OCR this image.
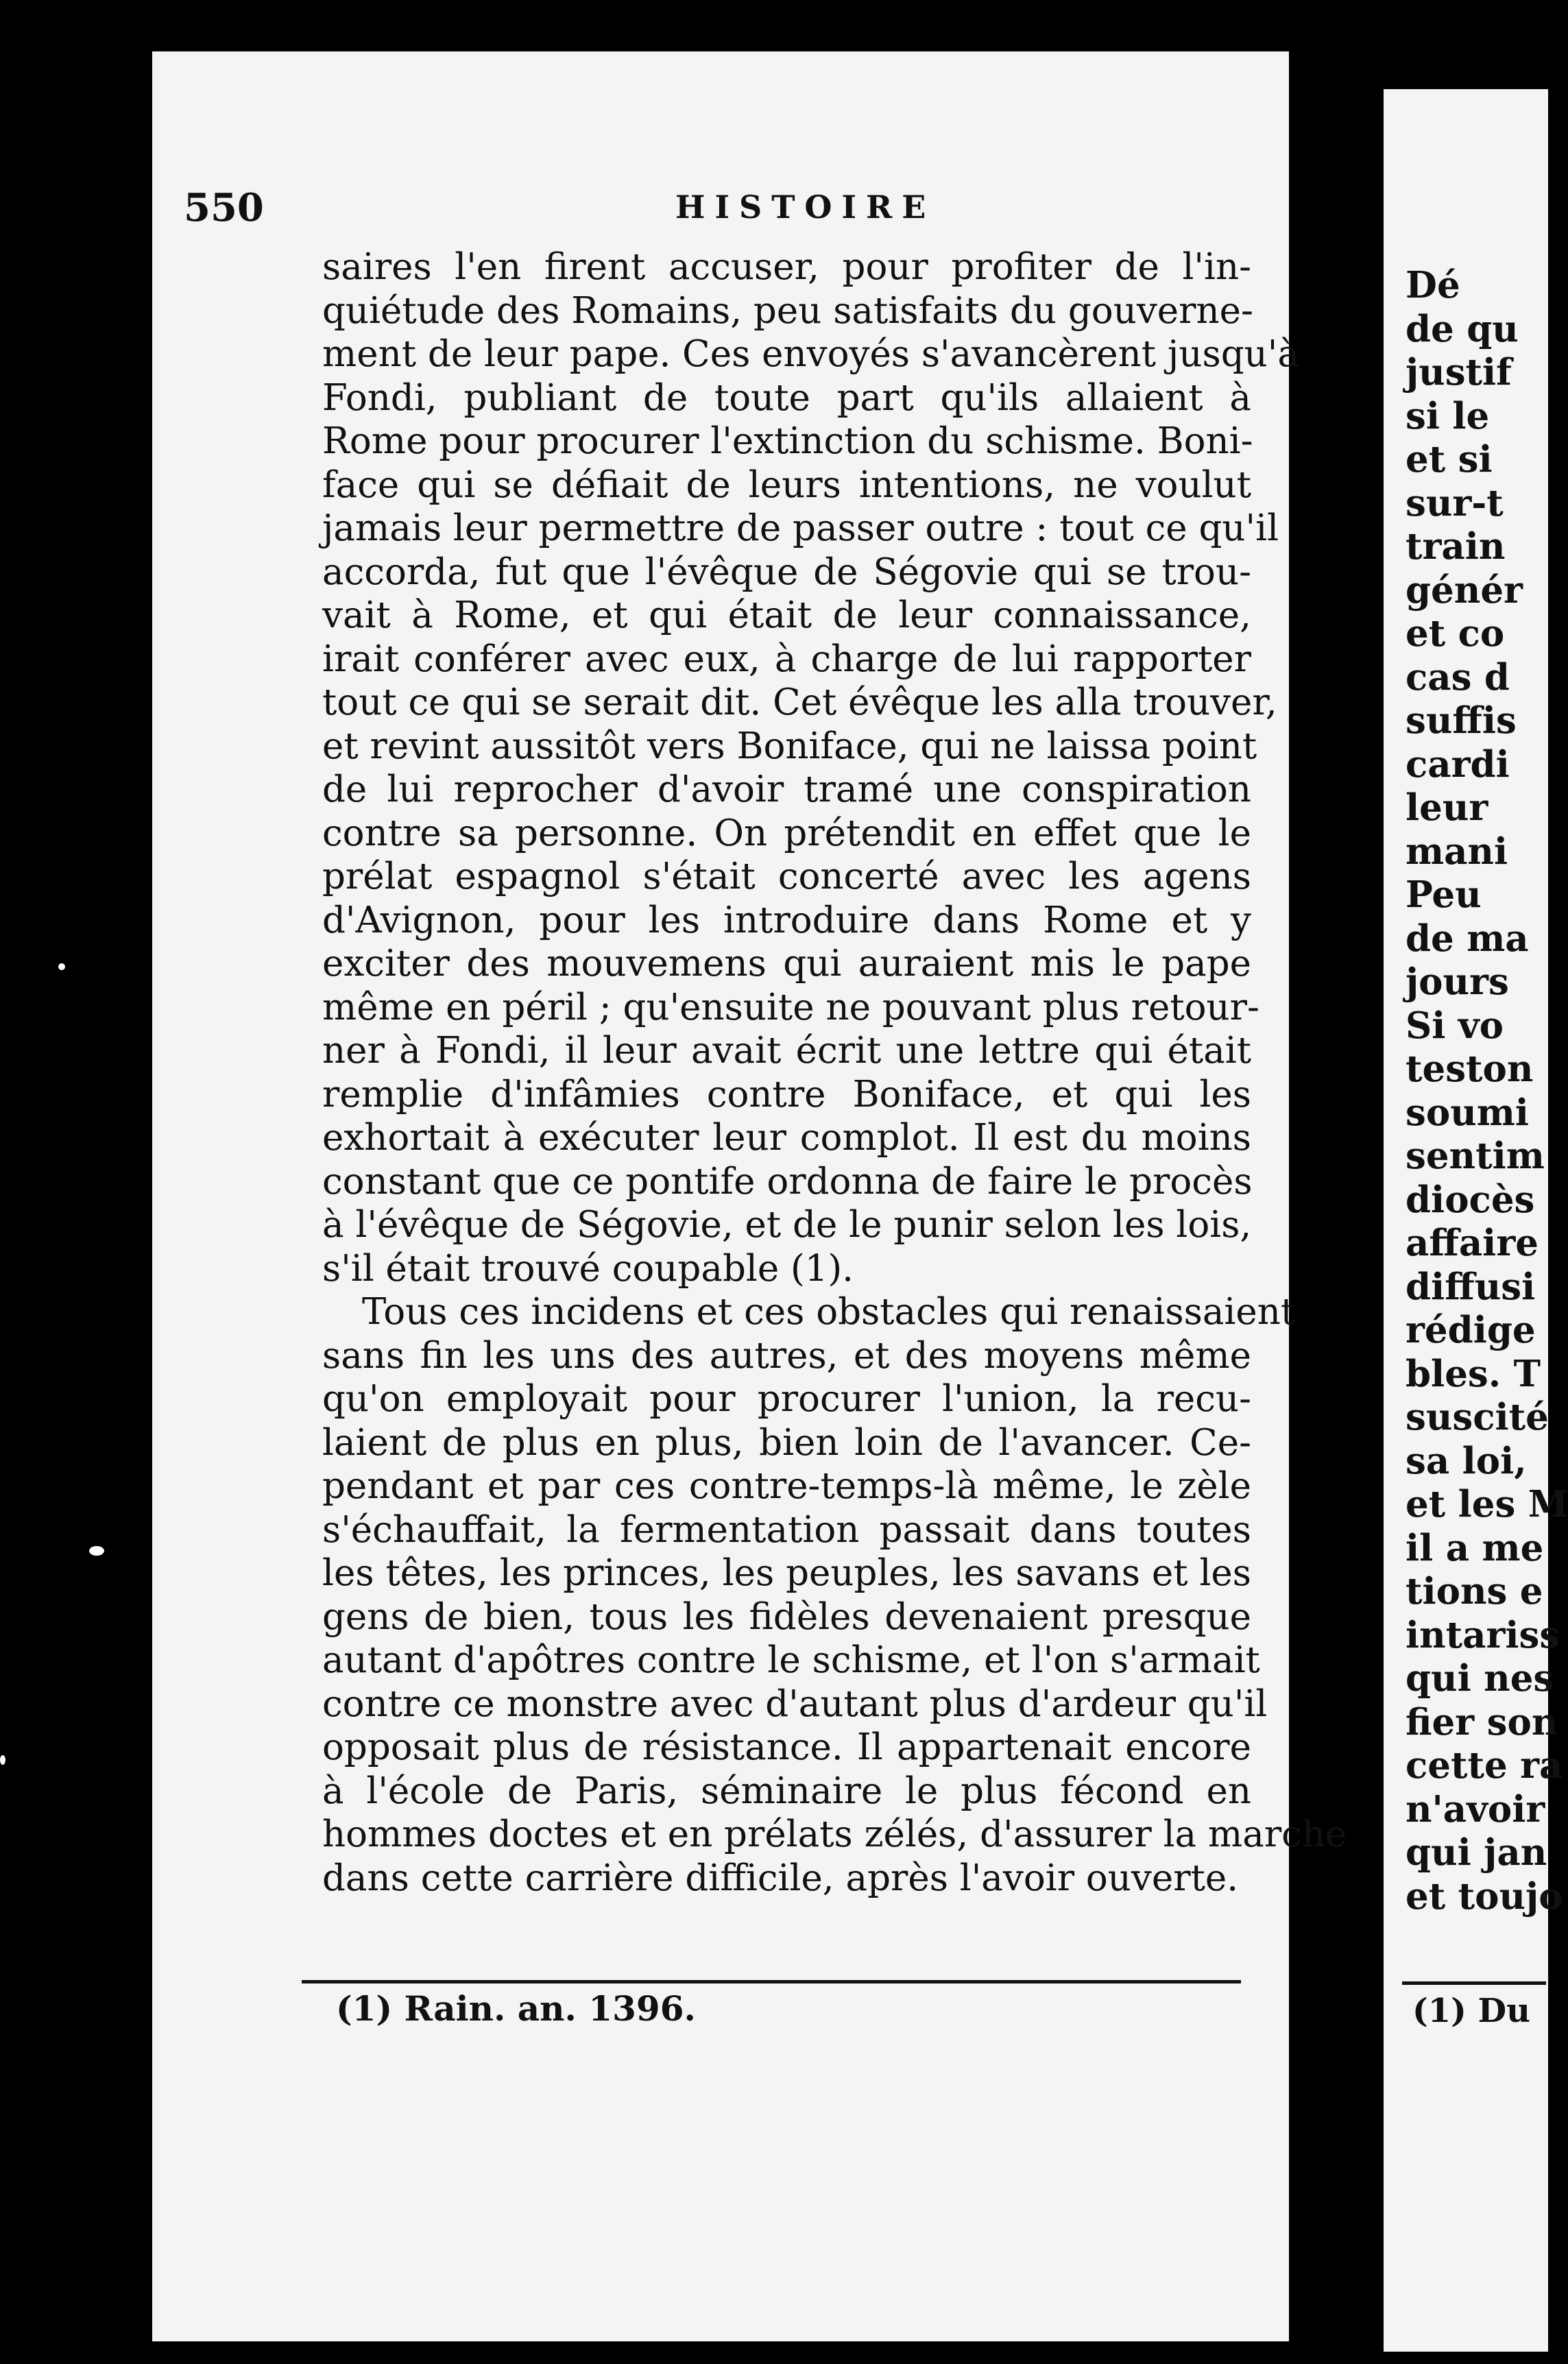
550	HISTOIRE
saires l'en firent accuser, pour profiter de l'in-
quiétude des Romains, peu satisfaits du gouverne-
ment de leur pape. Ces envoyés s'avancèrent jusqu'à
Fondi, publiant de toute part qu'ils allaient à
Rome pour procurer l'extinction du schisme. Boni-
face qui se défiait de leurs intentions, ne voulut
jamais leur permettre de passer outre : tout ce qu'il
accorda, fut que l'évêque de Ségovie qui se trou-
vait à Rome, et qui était de leur connaissance,
irait conférer avec eux, à charge de lui rapporter
tout ce qui se serait dit. Cet évêque les alla trouver,
et revint aussitôt vers Boniface, qui ne laissa point
de lui reprocher d'avoir tramé une conspiration
contre sa personne. On prétendit en effet que le
prélat espagnol s'était concerté avec les agens
d'Avignon, pour les introduire dans Rome et y
exciter des mouvemens qui auraient mis le pape
même en péril ; qu'ensuite ne pouvant plus retour-
ner à Fondi, il leur avait écrit une lettre qui était
remplie d'infâmies contre Boniface, et qui les
exhortait à exécuter leur complot. Il est du moins
constant que ce pontife ordonna de faire le procès
à l'évêque de Ségovie, et de le punir selon les lois,
s'il était trouvé coupable (1).
Tous ces incidens et ces obstacles qui renaissaient
sans fin les uns des autres, et des moyens même
qu'on employait pour procurer l'union, la recu-
laient de plus en plus, bien loin de l'avancer. Ce-
pendant et par ces contre-temps-là même, le zèle
s'échauffait, la fermentation passait dans toutes
les têtes, les princes, les peuples, les savans et les
gens de bien, tous les fidèles devenaient presque
autant d'apôtres contre le schisme, et l'on s'armait
contre ce monstre avec d'autant plus d'ardeur qu'il
opposait plus de résistance. Il appartenait encore
à l'école de Paris, séminaire le plus fécond en
hommes doctes et en prélats zélés, d'assurer la marche
dans cette carrière difficile, après l'avoir ouverte.
(1) Rain. an. 1396.
Dé
de qu
justif
si le
et si
sur-t
train
génér
et co
cas d
suffis
cardi
leur
mani
Peu
de ma
jours
Si vo
teston
soumi
sentim
diocès
affaire
diffusi
rédige
bles. T
suscité
sa loi,
et les M
il a me
tions e
intariss
qui nes
fier son
cette ra
n'avoir
qui jan
et toujo
(1) Du
